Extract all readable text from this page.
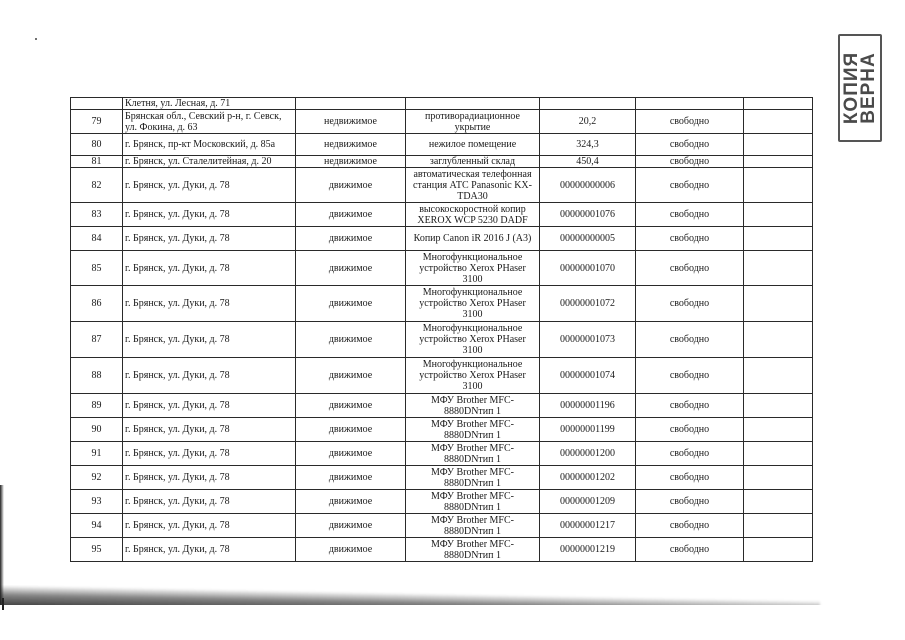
КОПИЯ
ВЕРНА
	Клетня, ул. Лесная, д. 71					
79	Брянская обл., Севский р-н, г. Севск, ул. Фокина, д. 63	недвижимое	противорадиационное укрытие	20,2	свободно	
80	г. Брянск, пр-кт Московский, д. 85а	недвижимое	нежилое помещение	324,3	свободно	
81	г. Брянск, ул. Сталелитейная, д. 20	недвижимое	заглубленный склад	450,4	свободно	
82	г. Брянск, ул. Дуки, д. 78	движимое	автоматическая телефонная станция АТС Panasonic KX-TDA30	00000000006	свободно	
83	г. Брянск, ул. Дуки, д. 78	движимое	высокоскоростной копир XEROX WCP 5230 DADF	00000001076	свободно	
84	г. Брянск, ул. Дуки, д. 78	движимое	Копир Canon iR 2016 J (А3)	00000000005	свободно	
85	г. Брянск, ул. Дуки, д. 78	движимое	Многофункциональное устройство Xerox PHaser 3100	00000001070	свободно	
86	г. Брянск, ул. Дуки, д. 78	движимое	Многофункциональное устройство Xerox PHaser 3100	00000001072	свободно	
87	г. Брянск, ул. Дуки, д. 78	движимое	Многофункциональное устройство Xerox PHaser 3100	00000001073	свободно	
88	г. Брянск, ул. Дуки, д. 78	движимое	Многофункциональное устройство Xerox PHaser 3100	00000001074	свободно	
89	г. Брянск, ул. Дуки, д. 78	движимое	МФУ Brother MFC-8880DNтип 1	00000001196	свободно	
90	г. Брянск, ул. Дуки, д. 78	движимое	МФУ Brother MFC-8880DNтип 1	00000001199	свободно	
91	г. Брянск, ул. Дуки, д. 78	движимое	МФУ Brother MFC-8880DNтип 1	00000001200	свободно	
92	г. Брянск, ул. Дуки, д. 78	движимое	МФУ Brother MFC-8880DNтип 1	00000001202	свободно	
93	г. Брянск, ул. Дуки, д. 78	движимое	МФУ Brother MFC-8880DNтип 1	00000001209	свободно	
94	г. Брянск, ул. Дуки, д. 78	движимое	МФУ Brother MFC-8880DNтип 1	00000001217	свободно	
95	г. Брянск, ул. Дуки, д. 78	движимое	МФУ Brother MFC-8880DNтип 1	00000001219	свободно	
